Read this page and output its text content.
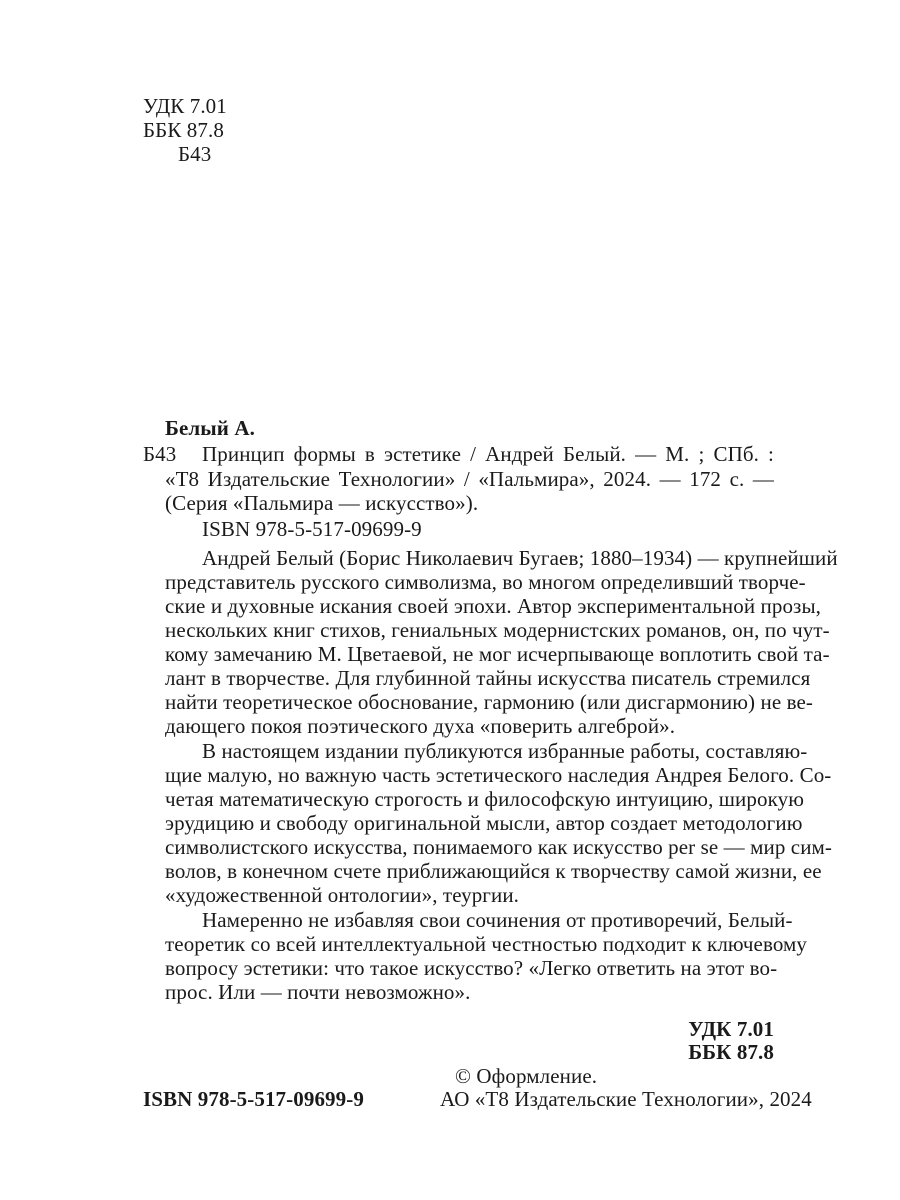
УДК 7.01
ББК 87.8
Б43
Белый А.
Б43 Принцип формы в эстетике / Андрей Белый. — М. ; СПб. :
«Т8 Издательские Технологии» / «Пальмира», 2024. — 172 с. —
(Серия «Пальмира — искусство»).
ISBN 978-5-517-09699-9
Андрей Белый (Борис Николаевич Бугаев; 1880–1934) — крупнейший
представитель русского символизма, во многом определивший творче-
ские и духовные искания своей эпохи. Автор экспериментальной прозы,
нескольких книг стихов, гениальных модернистских романов, он, по чут-
кому замечанию М. Цветаевой, не мог исчерпывающе воплотить свой та-
лант в творчестве. Для глубинной тайны искусства писатель стремился
найти теоретическое обоснование, гармонию (или дисгармонию) не ве-
дающего покоя поэтического духа «поверить алгеброй».
В настоящем издании публикуются избранные работы, составляю-
щие малую, но важную часть эстетического наследия Андрея Белого. Со-
четая математическую строгость и философскую интуицию, широкую
эрудицию и свободу оригинальной мысли, автор создает методологию
символистского искусства, понимаемого как искусство per se — мир сим-
волов, в конечном счете приближающийся к творчеству самой жизни, ее
«художественной онтологии», теургии.
Намеренно не избавляя свои сочинения от противоречий, Белый-
теоретик со всей интеллектуальной честностью подходит к ключевому
вопросу эстетики: что такое искусство? «Легко ответить на этот во-
прос. Или — почти невозможно».
УДК 7.01
ББК 87.8
ISBN 978-5-517-09699-9
© Оформление.
АО «Т8 Издательские Технологии», 2024
